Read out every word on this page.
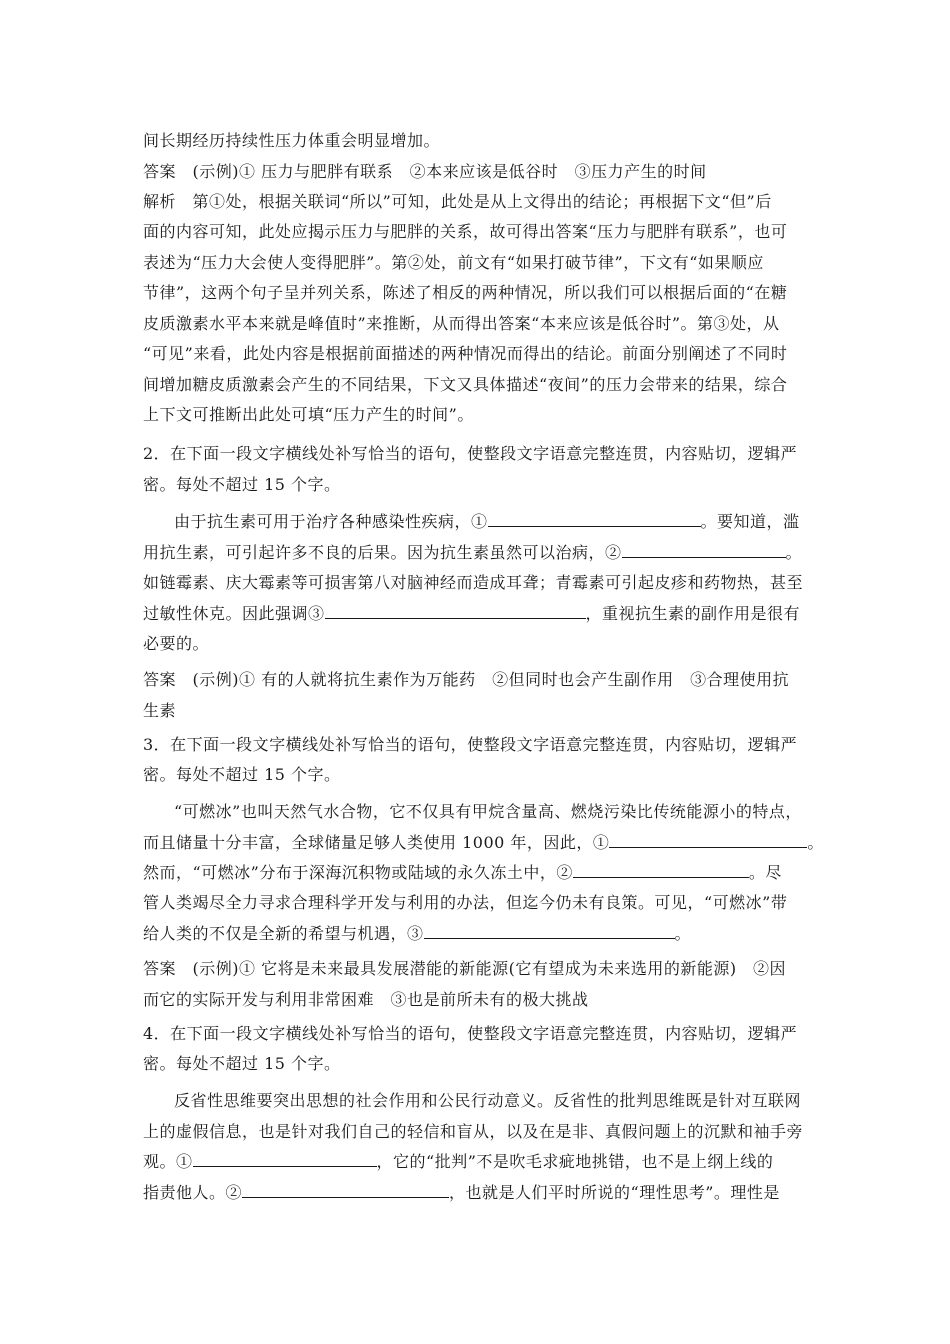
间长期经历持续性压力体重会明显增加。
答案　(示例)① 压力与肥胖有联系　②本来应该是低谷时　③压力产生的时间
解析　第①处，根据关联词“所以”可知，此处是从上文得出的结论；再根据下文“但”后
面的内容可知，此处应揭示压力与肥胖的关系，故可得出答案“压力与肥胖有联系”，也可
表述为“压力大会使人变得肥胖”。第②处，前文有“如果打破节律”，下文有“如果顺应
节律”，这两个句子呈并列关系，陈述了相反的两种情况，所以我们可以根据后面的“在糖
皮质激素水平本来就是峰值时”来推断，从而得出答案“本来应该是低谷时”。第③处，从
“可见”来看，此处内容是根据前面描述的两种情况而得出的结论。前面分别阐述了不同时
间增加糖皮质激素会产生的不同结果，下文又具体描述“夜间”的压力会带来的结果，综合
上下文可推断出此处可填“压力产生的时间”。
2．在下面一段文字横线处补写恰当的语句，使整段文字语意完整连贯，内容贴切，逻辑严
密。每处不超过 15 个字。
由于抗生素可用于治疗各种感染性疾病，①	。要知道，滥
用抗生素，可引起许多不良的后果。因为抗生素虽然可以治病，②	。
如链霉素、庆大霉素等可损害第八对脑神经而造成耳聋；青霉素可引起皮疹和药物热，甚至
过敏性休克。因此强调③	，重视抗生素的副作用是很有
必要的。
答案　(示例)① 有的人就将抗生素作为万能药　②但同时也会产生副作用　③合理使用抗
生素
3．在下面一段文字横线处补写恰当的语句，使整段文字语意完整连贯，内容贴切，逻辑严
密。每处不超过 15 个字。
“可燃冰”也叫天然气水合物，它不仅具有甲烷含量高、燃烧污染比传统能源小的特点，
而且储量十分丰富，全球储量足够人类使用 1000 年，因此，①	。
然而，“可燃冰”分布于深海沉积物或陆域的永久冻土中，②	。尽
管人类竭尽全力寻求合理科学开发与利用的办法，但迄今仍未有良策。可见，“可燃冰”带
给人类的不仅是全新的希望与机遇，③	。
答案　(示例)① 它将是未来最具发展潜能的新能源(它有望成为未来选用的新能源)　②因
而它的实际开发与利用非常困难　③也是前所未有的极大挑战
4．在下面一段文字横线处补写恰当的语句，使整段文字语意完整连贯，内容贴切，逻辑严
密。每处不超过 15 个字。
反省性思维要突出思想的社会作用和公民行动意义。反省性的批判思维既是针对互联网
上的虚假信息，也是针对我们自己的轻信和盲从，以及在是非、真假问题上的沉默和袖手旁
观。①	，它的“批判”不是吹毛求疵地挑错，也不是上纲上线的
指责他人。②	，也就是人们平时所说的“理性思考”。理性是
